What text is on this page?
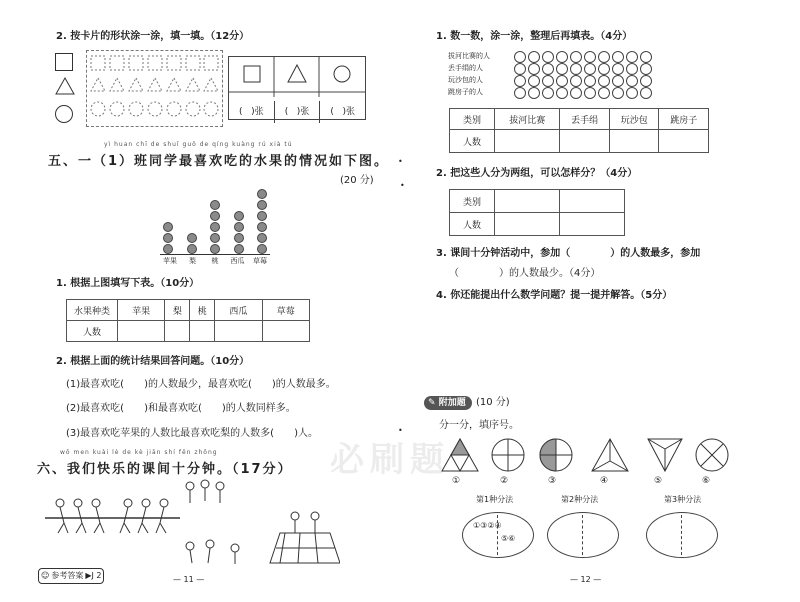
2. 按卡片的形状涂一涂，填一填。（12分）
(   )张	(   )张	(   )张
yì huan chī de shuǐ guǒ de qíng kuàng rú xià tú
五、一（1）班同学最喜欢吃的水果的情况如下图。
(20 分)
苹果	梨	桃	西瓜	草莓
1. 根据上图填写下表。（10分）
水果种类	苹果	梨	桃	西瓜	草莓
人数					
2. 根据上面的统计结果回答问题。（10分）
(1)最喜欢吃(　　)的人数最少，最喜欢吃(　　)的人数最多。
(2)最喜欢吃(　　)和最喜欢吃(　　)的人数同样多。
(3)最喜欢吃苹果的人数比最喜欢吃梨的人数多(　　)人。
wǒ men kuài lè de kè jiān shí fēn zhōng
六、我们快乐的课间十分钟。（17分）
☺ 参考答案 ▶ J 2	— 11 —
•
•
•
1. 数一数，涂一涂，整理后再填表。（4分）
拔河比赛的人
丢手绢的人
玩沙包的人
跳房子的人
类别	拔河比赛	丢手绢	玩沙包	跳房子
人数				
2. 把这些人分为两组，可以怎样分？（4分）
类别		
人数		
3. 课间十分钟活动中，参加（　　　　）的人数最多，参加
（　　　　）的人数最少。（4分）
4. 你还能提出什么数学问题？提一提并解答。（5分）
✎ 附加题	(10 分)
分一分，填序号。
必刷题
①	②	③	④	⑤	⑥
第1种分法	第2种分法	第3种分法
①③②④
⑤⑥
— 12 —
